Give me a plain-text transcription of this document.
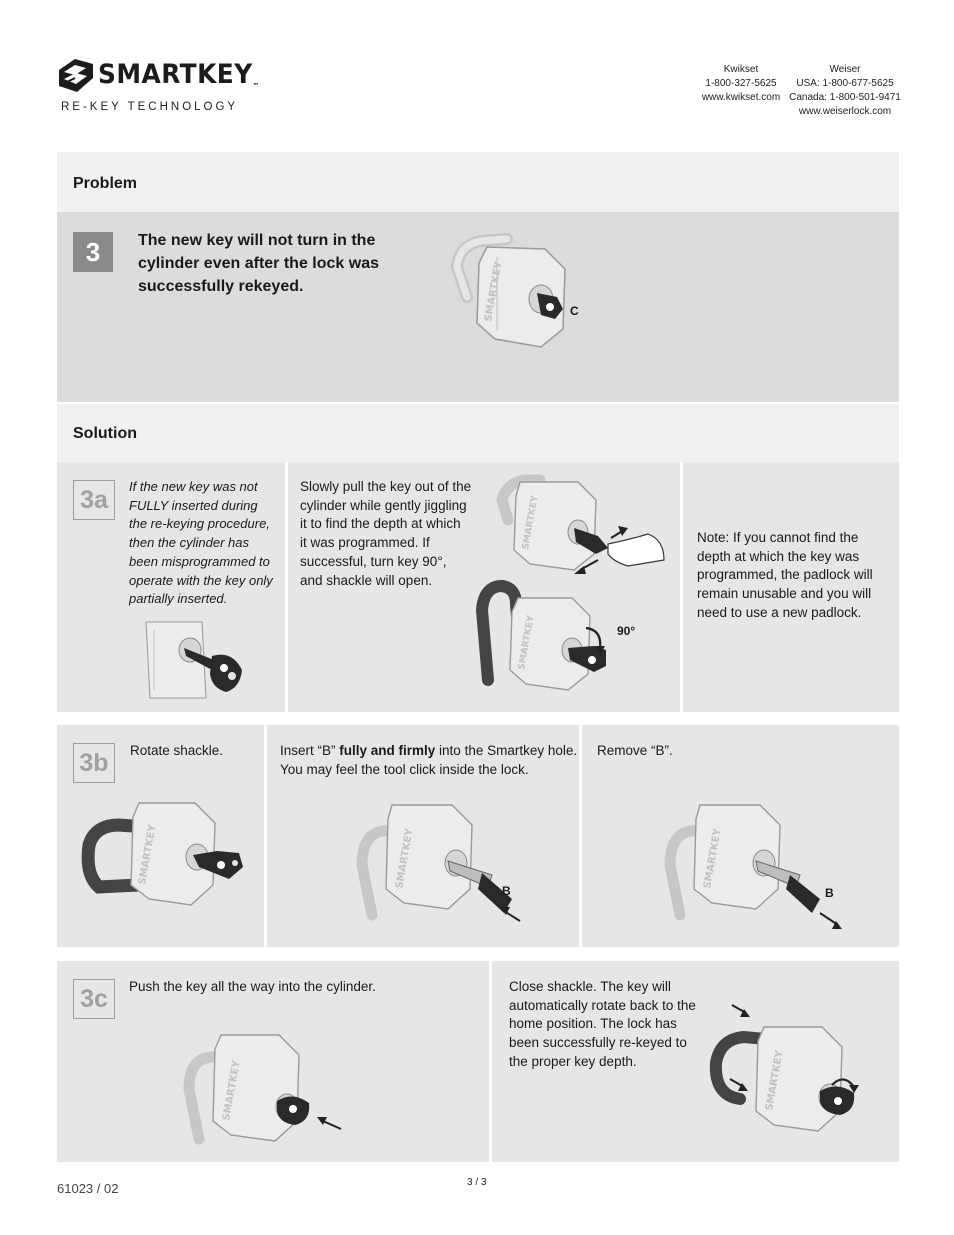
SMARTKEY™
RE-KEY TECHNOLOGY
Kwikset
1-800-327-5625
www.kwikset.com
Weiser
USA: 1-800-677-5625
Canada: 1-800-501-9471
www.weiserlock.com
Problem
3	The new key will not turn in the
cylinder even after the lock was
successfully rekeyed.	SMARTKEY	C
Solution
3a	If the new key was not
FULLY inserted during
the re-keying procedure,
then the cylinder has
been misprogrammed to
operate with the key only
partially inserted.
Slowly pull the key out of the
cylinder while gently jiggling
it to find the depth at which
it was programmed. If
successful, turn key 90°,
and shackle will open.
SMARTKEY
SMARTKEY	90°
Note: If you cannot find the
depth at which the key was
programmed, the padlock will
remain unusable and you will
need to use a new padlock.
3b	Rotate shackle.
SMARTKEY
Insert “B” fully and firmly into the Smartkey hole.
You may feel the tool click inside the lock.
SMARTKEY
B
Remove “B”.
SMARTKEY
B
3c	Push the key all the way into the cylinder.
SMARTKEY
Close shackle. The key will
automatically rotate back to the
home position. The lock has
been successfully re-keyed to
the proper key depth.	SMARTKEY
61023 / 02	3 / 3
